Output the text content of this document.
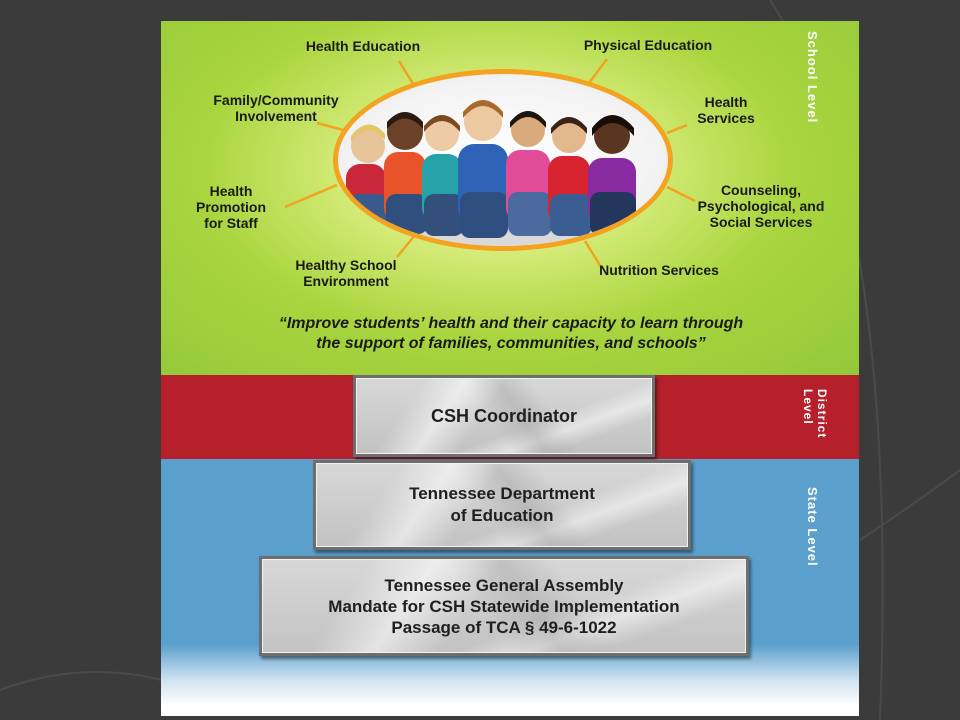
Health Education	Physical Education
Family/Community
Involvement
Health
Services
Health
Promotion
for Staff
Counseling,
Psychological, and
Social Services
Healthy School
Environment
Nutrition Services
“Improve students’ health and their capacity to learn through
the support of families, communities, and schools”
School Level
District
Level
State Level
CSH Coordinator
Tennessee Department
of Education
Tennessee General Assembly
Mandate for CSH Statewide Implementation
Passage of TCA § 49-6-1022
